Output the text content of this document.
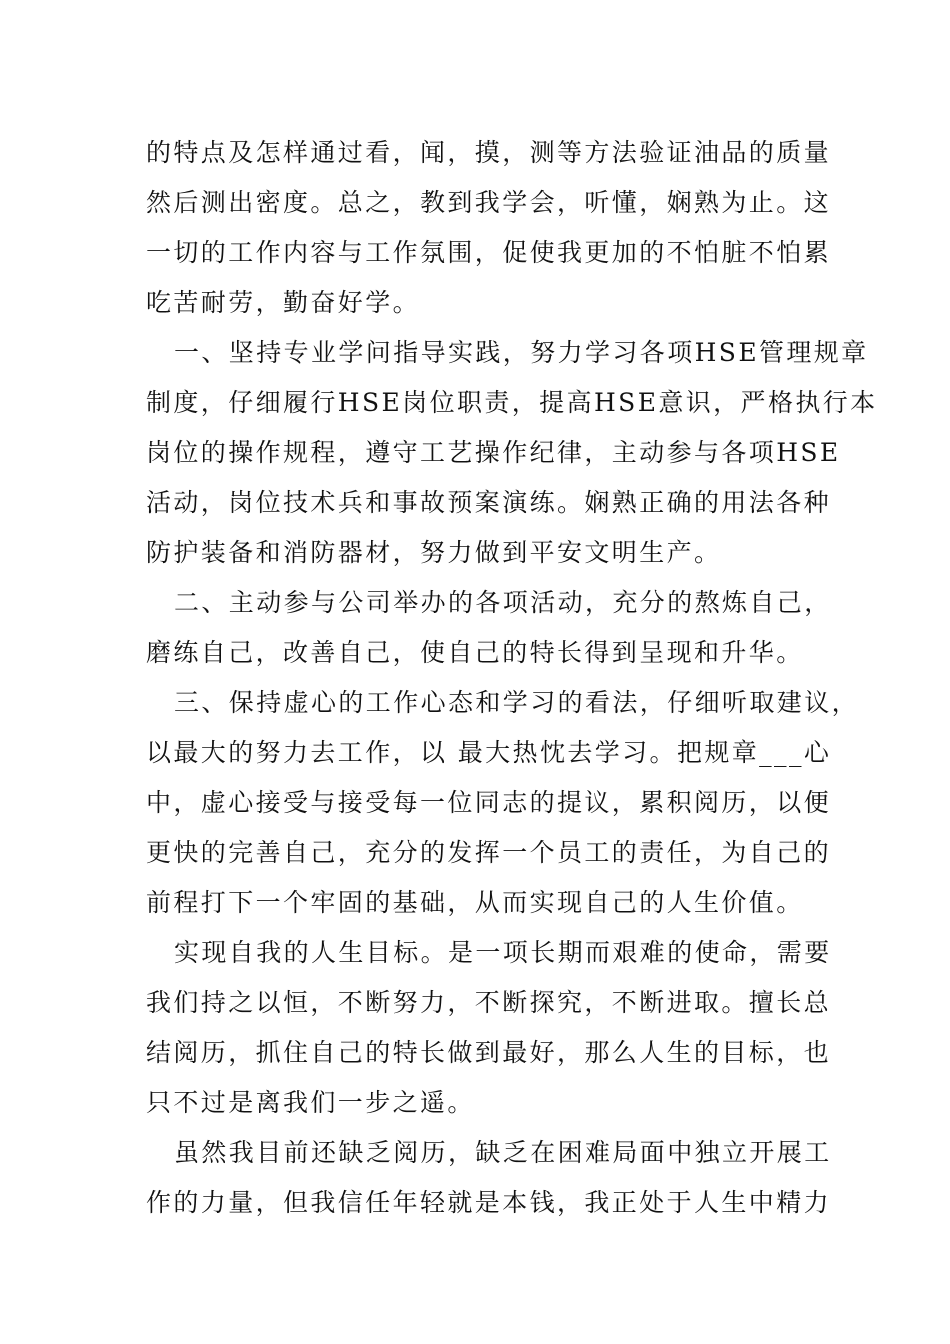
的特点及怎样通过看，闻，摸，测等方法验证油品的质量
然后测出密度。总之，教到我学会，听懂，娴熟为止。这
一切的工作内容与工作氛围，促使我更加的不怕脏不怕累
吃苦耐劳，勤奋好学。
一、坚持专业学问指导实践，努力学习各项HSE管理规章
制度，仔细履行HSE岗位职责，提高HSE意识，严格执行本
岗位的操作规程，遵守工艺操作纪律，主动参与各项HSE
活动，岗位技术兵和事故预案演练。娴熟正确的用法各种
防护装备和消防器材，努力做到平安文明生产。
二、主动参与公司举办的各项活动，充分的熬炼自己，
磨练自己，改善自己，使自己的特长得到呈现和升华。
三、保持虚心的工作心态和学习的看法，仔细听取建议，
以最大的努力去工作，以 最大热忱去学习。把规章___心
中，虚心接受与接受每一位同志的提议，累积阅历，以便
更快的完善自己，充分的发挥一个员工的责任，为自己的
前程打下一个牢固的基础，从而实现自己的人生价值。
实现自我的人生目标。是一项长期而艰难的使命，需要
我们持之以恒，不断努力，不断探究，不断进取。擅长总
结阅历，抓住自己的特长做到最好，那么人生的目标，也
只不过是离我们一步之遥。
虽然我目前还缺乏阅历，缺乏在困难局面中独立开展工
作的力量，但我信任年轻就是本钱，我正处于人生中精力
